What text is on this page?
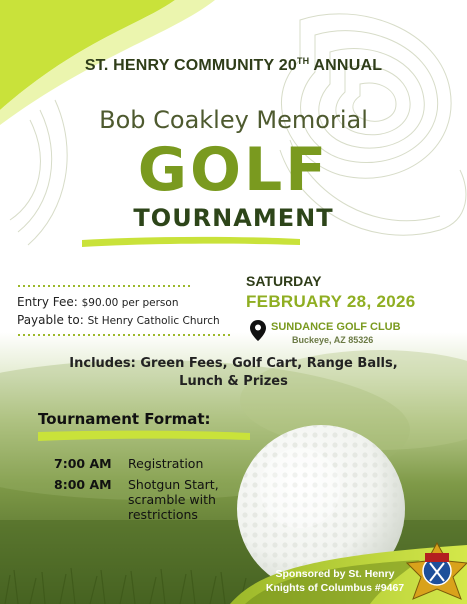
ST. HENRY COMMUNITY 20TH ANNUAL
Bob Coakley Memorial
GOLF
TOURNAMENT
Entry Fee: $90.00 per person
Payable to: St Henry Catholic Church
SATURDAY
FEBRUARY 28, 2026
SUNDANCE GOLF CLUB
Buckeye, AZ 85326
Includes: Green Fees, Golf Cart, Range Balls,
Lunch & Prizes
Tournament Format:
7:00 AM Registration
8:00 AM Shotgun Start,
scramble with
restrictions
Sponsored by St. Henry
Knights of Columbus #9467
